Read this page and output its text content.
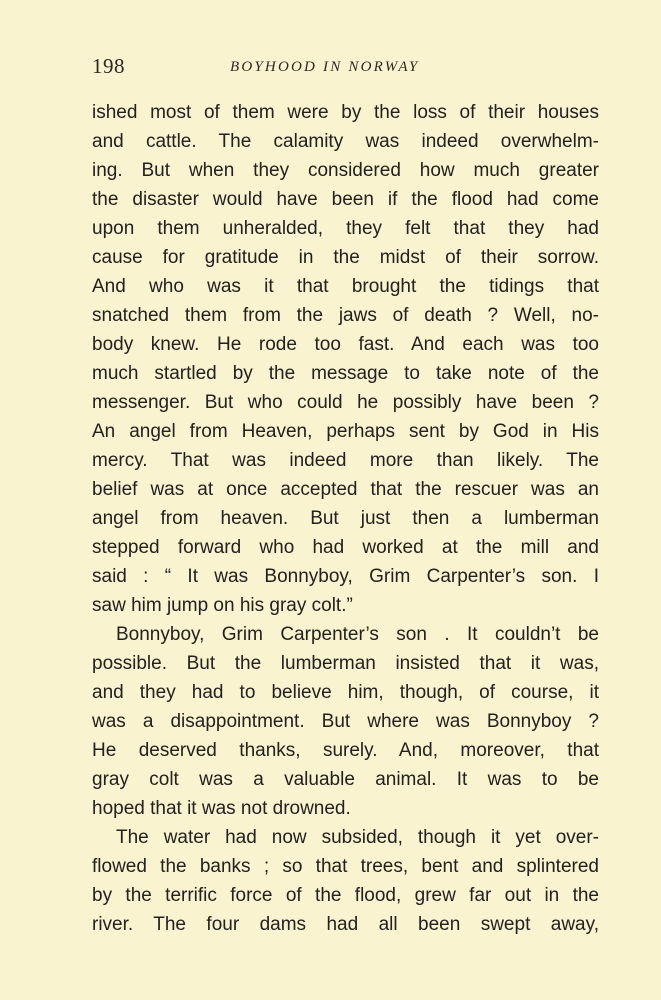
198	BOYHOOD IN NORWAY
ished most of them were by the loss of their houses
and cattle. The calamity was indeed overwhelm-
ing. But when they considered how much greater
the disaster would have been if the flood had come
upon them unheralded, they felt that they had
cause for gratitude in the midst of their sorrow.
And who was it that brought the tidings that
snatched them from the jaws of death ? Well, no-
body knew. He rode too fast. And each was too
much startled by the message to take note of the
messenger. But who could he possibly have been ?
An angel from Heaven, perhaps sent by God in His
mercy. That was indeed more than likely. The
belief was at once accepted that the rescuer was an
angel from heaven. But just then a lumberman
stepped forward who had worked at the mill and
said : “ It was Bonnyboy, Grim Carpenter’s son. I
saw him jump on his gray colt.”
Bonnyboy, Grim Carpenter’s son . It couldn’t be
possible. But the lumberman insisted that it was,
and they had to believe him, though, of course, it
was a disappointment. But where was Bonnyboy ?
He deserved thanks, surely. And, moreover, that
gray colt was a valuable animal. It was to be
hoped that it was not drowned.
The water had now subsided, though it yet over-
flowed the banks ; so that trees, bent and splintered
by the terrific force of the flood, grew far out in the
river. The four dams had all been swept away,
